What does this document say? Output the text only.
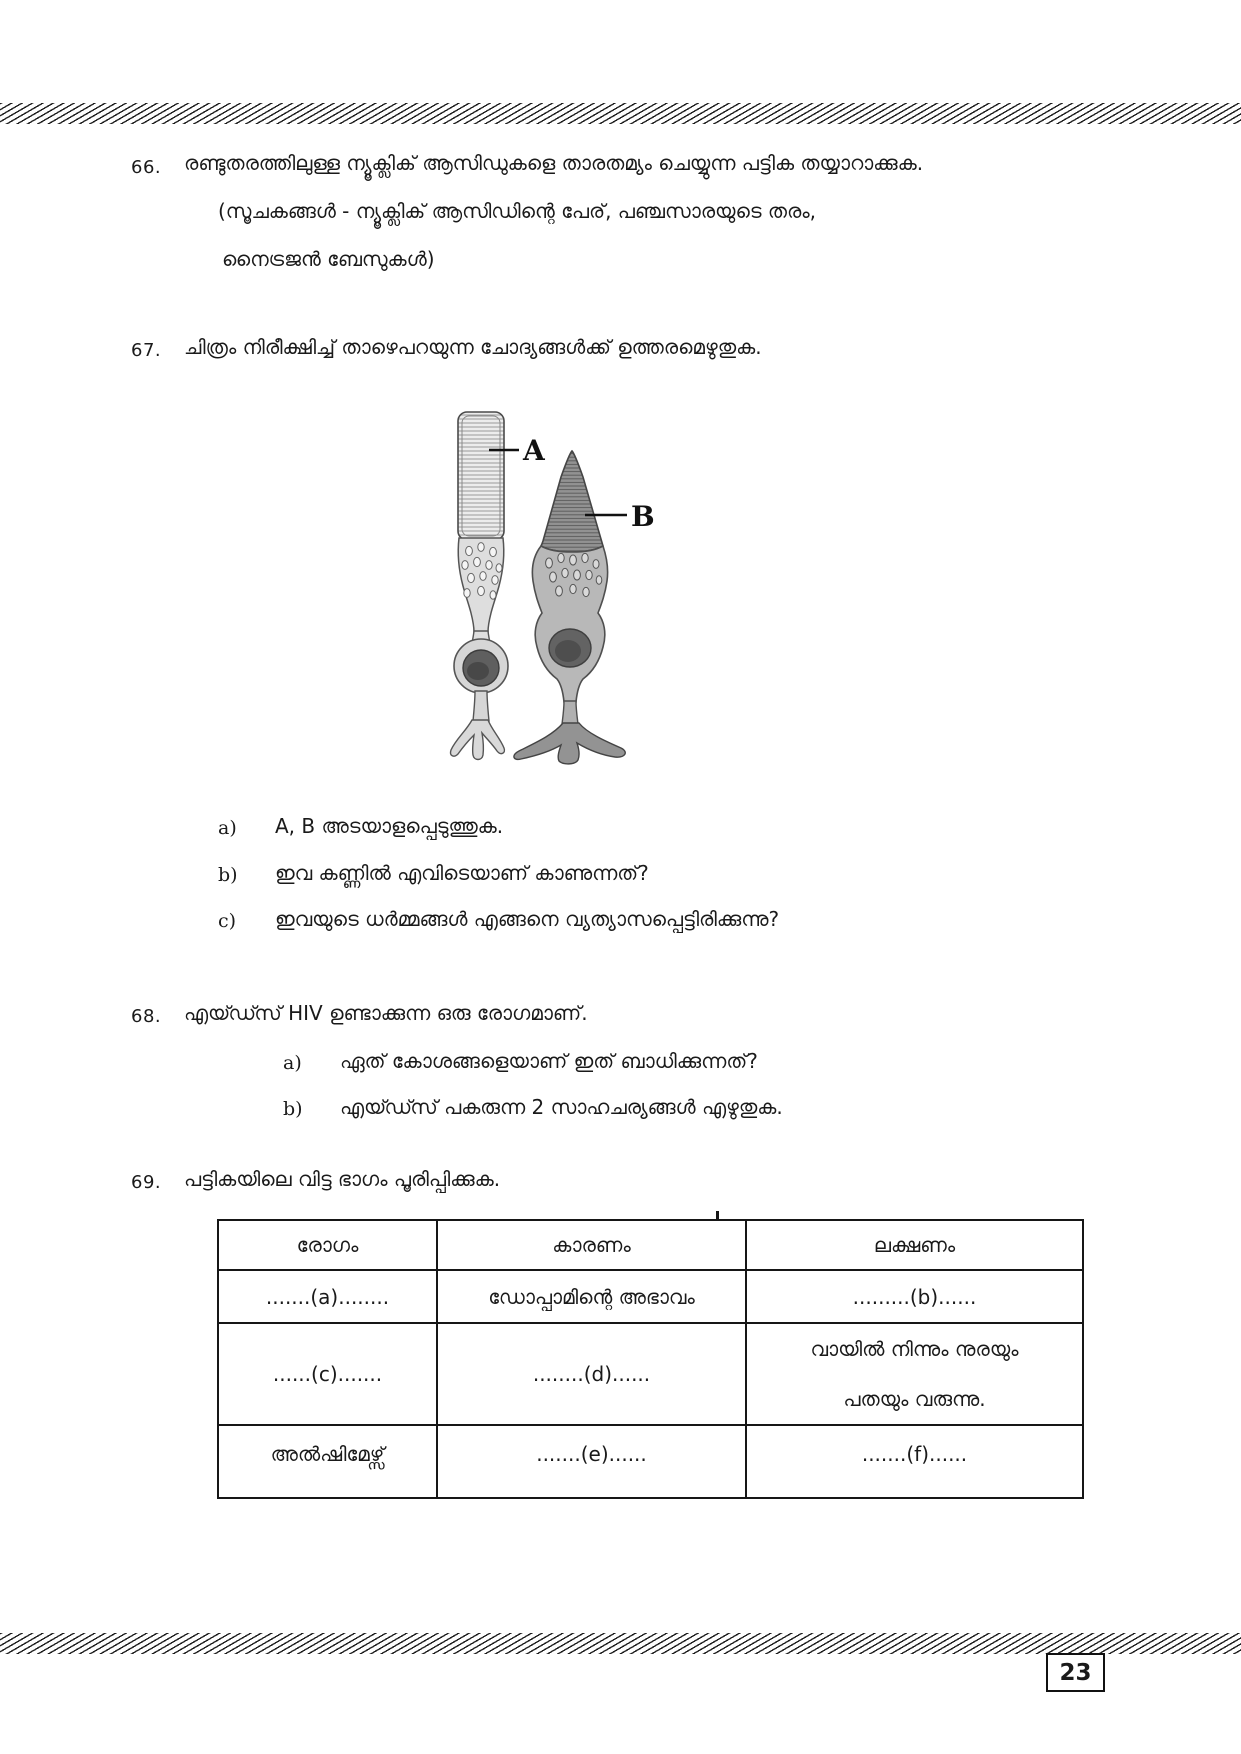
66. രണ്ടുതരത്തിലുള്ള ന്യൂക്ലിക് ആസിഡുകളെ താരതമ്യം ചെയ്യുന്ന പട്ടിക തയ്യാറാക്കുക.
(സൂചകങ്ങൾ - ന്യൂക്ലിക് ആസിഡിന്റെ പേര്, പഞ്ചസാരയുടെ തരം,
നൈട്രജൻ ബേസുകൾ)
67. ചിത്രം നിരീക്ഷിച്ച് താഴെപറയുന്ന ചോദ്യങ്ങൾക്ക് ഉത്തരമെഴുതുക.
A
B
a) A, B അടയാളപ്പെടുത്തുക.
b) ഇവ കണ്ണിൽ എവിടെയാണ് കാണുന്നത്?
c) ഇവയുടെ ധർമ്മങ്ങൾ എങ്ങനെ വ്യത്യാസപ്പെട്ടിരിക്കുന്നു?
68. എയ്ഡ്സ് HIV ഉണ്ടാക്കുന്ന ഒരു രോഗമാണ്.
a) ഏത് കോശങ്ങളെയാണ് ഇത് ബാധിക്കുന്നത്?
b) എയ്ഡ്സ് പകരുന്ന 2 സാഹചര്യങ്ങൾ എഴുതുക.
69. പട്ടികയിലെ വിട്ട ഭാഗം പൂരിപ്പിക്കുക.
രോഗം	കാരണം	ലക്ഷണം
.......(a)........	ഡോപ്പാമിന്റെ അഭാവം	.........(b)......
......(c).......	........(d)......	വായിൽ നിന്നും നുരയും
പതയും വരുന്നു.

അൽഷിമേഴ്സ്	.......(e)......	.......(f)......
23
